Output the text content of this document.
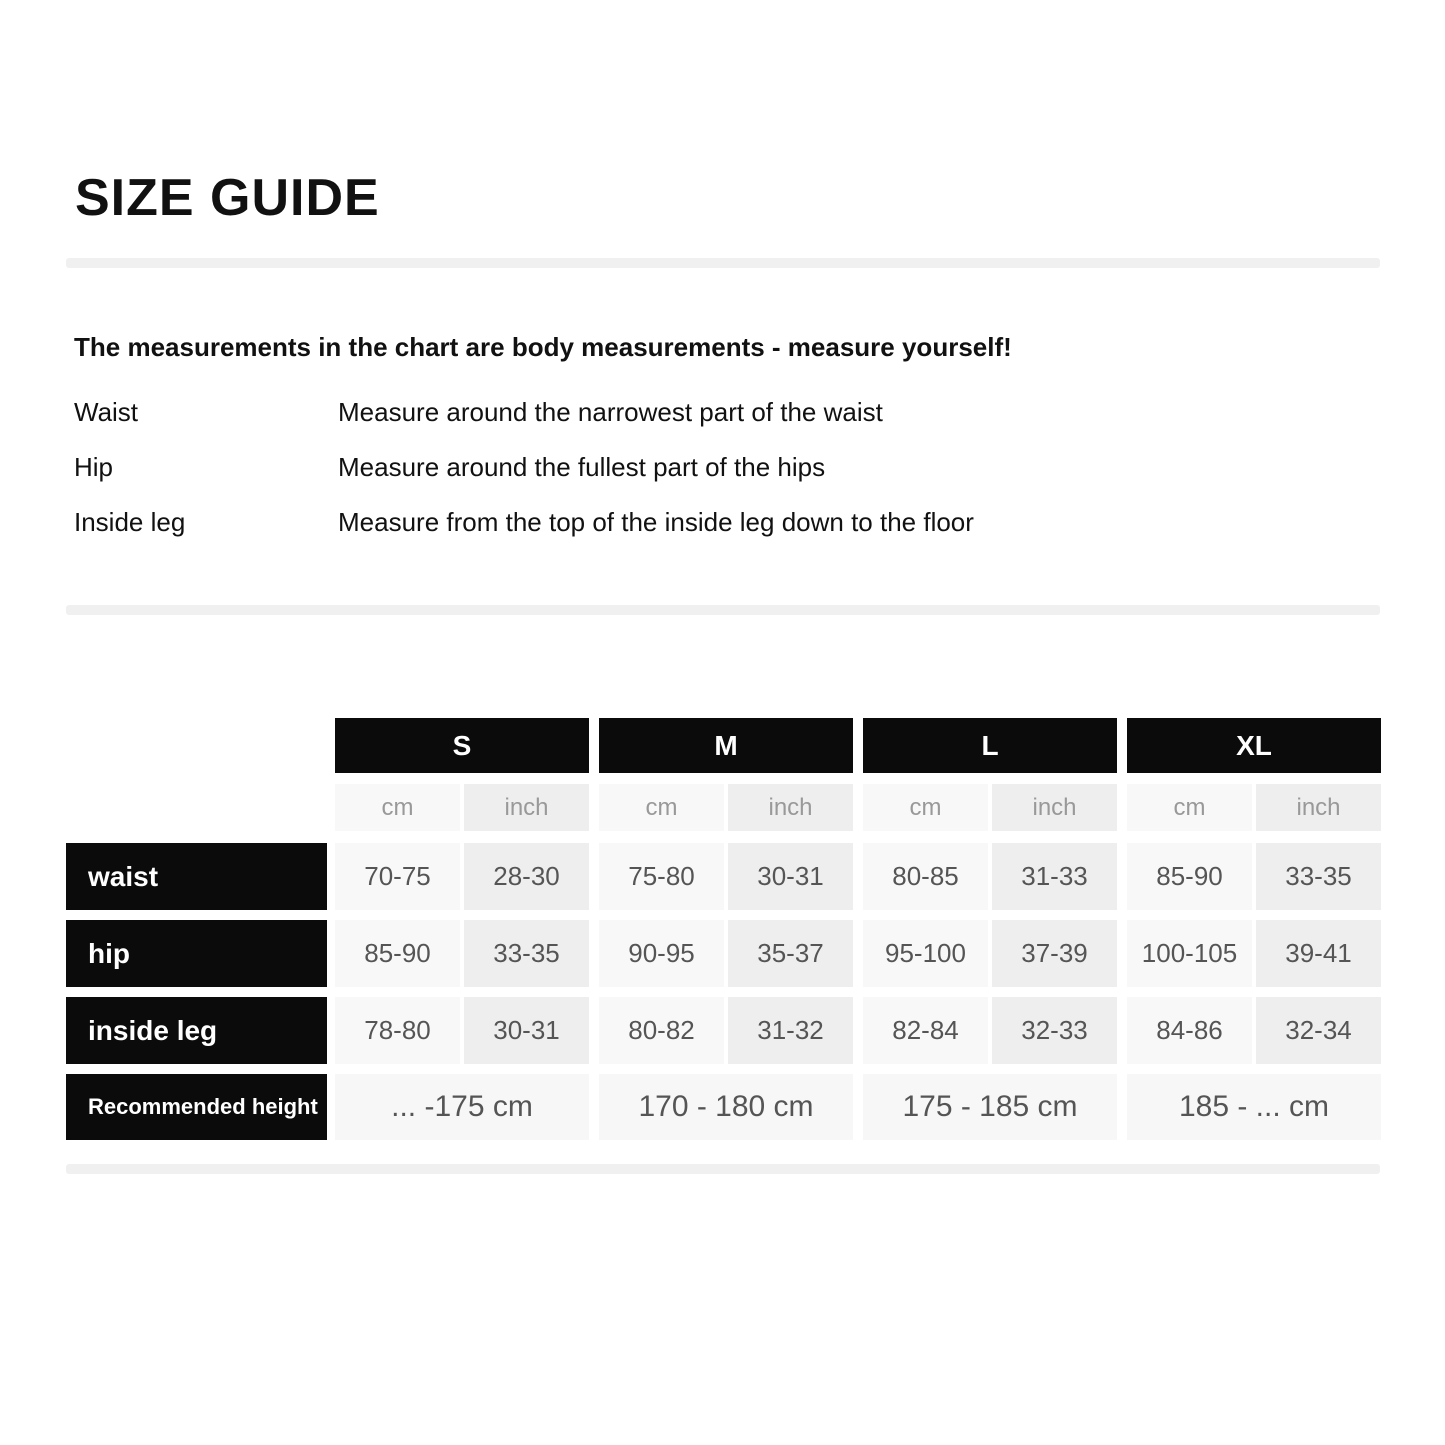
SIZE GUIDE

The measurements in the chart are body measurements - measure yourself!

Waist	Measure around the narrowest part of the waist
Hip	Measure around the fullest part of the hips
Inside leg	Measure from the top of the inside leg down to the floor
S	M	L	XL
cm	inch	cm	inch	cm	inch	cm	inch
waist	70-75	28-30	75-80	30-31	80-85	31-33	85-90	33-35
hip	85-90	33-35	90-95	35-37	95-100	37-39	100-105	39-41
inside leg	78-80	30-31	80-82	31-32	82-84	32-33	84-86	32-34
Recommended height	... -175 cm	170 - 180 cm	175 - 185 cm	185 - ... cm
